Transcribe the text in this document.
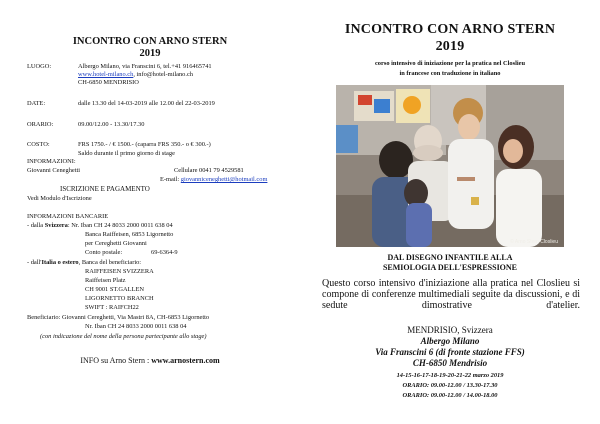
INCONTRO CON ARNO STERN
2019
LUOGO:	Albergo Milano, via Franscini 6, tel.+41 916465741
www.hotel-milano.ch, info@hotel-milano.ch
CH-6850 MENDRISIO
DATE:	dalle 13.30 del 14-03-2019 alle 12.00 del 22-03-2019
ORARIO:	09.00/12.00 - 13.30/17.30
COSTO:	FRS 1750.- / € 1500.- (caparra FRS 350.- o € 300.-)
Saldo durante il primo giorno di stage
INFORMAZIONI:
Giovanni Ceneghetti	Cellulare 0041 79 4529581
E-mail: giovanniceneghetti@hotmail.com
ISCRIZIONE E PAGAMENTO
Vedi Modulo d'Iscrizione
INFORMAZIONI BANCARIE
- dalla Svizzera: Nr. Iban CH 24 8033 2000 0011 638 04
Banca Raiffeisen, 6853 Ligornetto
per Cereghetti Giovanni
Conto postale:	69-6364-9
- dall'Italia o estero, Banca del beneficiario:
RAIFFEISEN SVIZZERA
Raiffeisen Platz
CH 9001 ST.GALLEN
LIGORNETTO BRANCH
SWIFT : RAIFCH22
Beneficiario: Giovanni Cereghetti, Via Mastri 8A, CH-6853 Ligornetto
Nr. Iban CH 24 8033 2000 0011 638 04
(con indicazione del nome della persona partecipante allo stage)
INFO su Arno Stern : www.arnostern.com
INCONTRO CON ARNO STERN
2019
corso intensivo di iniziazione per la pratica nel Closlieu
in francese con traduzione in italiano
© Arno Stern Closlieu
DAL DISEGNO INFANTILE ALLA
SEMIOLOGIA DELL'ESPRESSIONE
Questo corso intensivo d'iniziazione alla pratica nel Closlieu si compone di conferenze multimediali seguite da discussioni, e di sedute dimostrative d'atelier.
MENDRISIO, Svizzera
Albergo Milano
Via Franscini 6 (di fronte stazione FFS)
CH-6850 Mendrisio
14-15-16-17-18-19-20-21-22 marzo 2019
ORARIO: 09.00-12.00 / 13.30-17.30
ORARIO: 09.00-12.00 / 14.00-18.00
